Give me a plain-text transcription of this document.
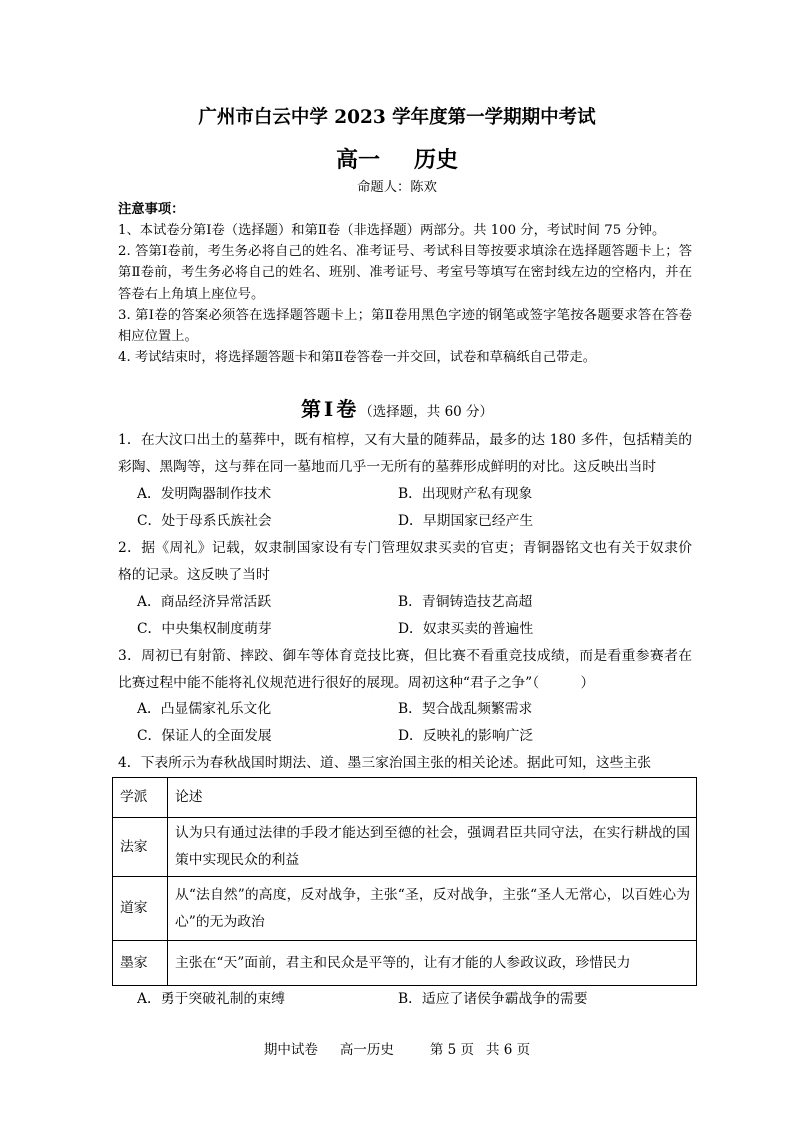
广州市白云中学 2023 学年度第一学期期中考试
高一 历史
命题人：陈欢
注意事项：

1、本试卷分第Ⅰ卷（选择题）和第Ⅱ卷（非选择题）两部分。共 100 分，考试时间 75 分钟。

2. 答第Ⅰ卷前，考生务必将自己的姓名、准考证号、考试科目等按要求填涂在选择题答题卡上；答第Ⅱ卷前，考生务必将自己的姓名、班别、准考证号、考室号等填写在密封线左边的空格内，并在答卷右上角填上座位号。

3. 第Ⅰ卷的答案必须答在选择题答题卡上；第Ⅱ卷用黑色字迹的钢笔或签字笔按各题要求答在答卷相应位置上。

4. 考试结束时，将选择题答题卡和第Ⅱ卷答卷一并交回，试卷和草稿纸自己带走。

第Ⅰ卷（选择题，共 60 分）

1．在大汶口出土的墓葬中，既有棺椁，又有大量的随葬品，最多的达 180 多件，包括精美的彩陶、黑陶等，这与葬在同一墓地而几乎一无所有的墓葬形成鲜明的对比。这反映出当时

A．发明陶器制作技术	B．出现财产私有现象
C．处于母系氏族社会	D．早期国家已经产生

2．据《周礼》记载，奴隶制国家设有专门管理奴隶买卖的官吏；青铜器铭文也有关于奴隶价格的记录。这反映了当时

A．商品经济异常活跃	B．青铜铸造技艺高超
C．中央集权制度萌芽	D．奴隶买卖的普遍性

3．周初已有射箭、摔跤、御车等体育竞技比赛，但比赛不看重竞技成绩，而是看重参赛者在比赛过程中能不能将礼仪规范进行很好的展现。周初这种“君子之争”（　　　）

A．凸显儒家礼乐文化	B．契合战乱频繁需求
C．保证人的全面发展	D．反映礼的影响广泛

4．下表所示为春秋战国时期法、道、墨三家治国主张的相关论述。据此可知，这些主张

学派	论述
法家	认为只有通过法律的手段才能达到至德的社会，强调君臣共同守法，在实行耕战的国策中实现民众的利益
道家	从“法自然”的高度，反对战争，主张“圣，反对战争，主张“圣人无常心，以百姓心为心”的无为政治
墨家	主张在“天”面前，君主和民众是平等的，让有才能的人参政议政，珍惜民力
A．勇于突破礼制的束缚	B．适应了诸侯争霸战争的需要
期中试卷 高一历史	第 5 页 共 6 页
